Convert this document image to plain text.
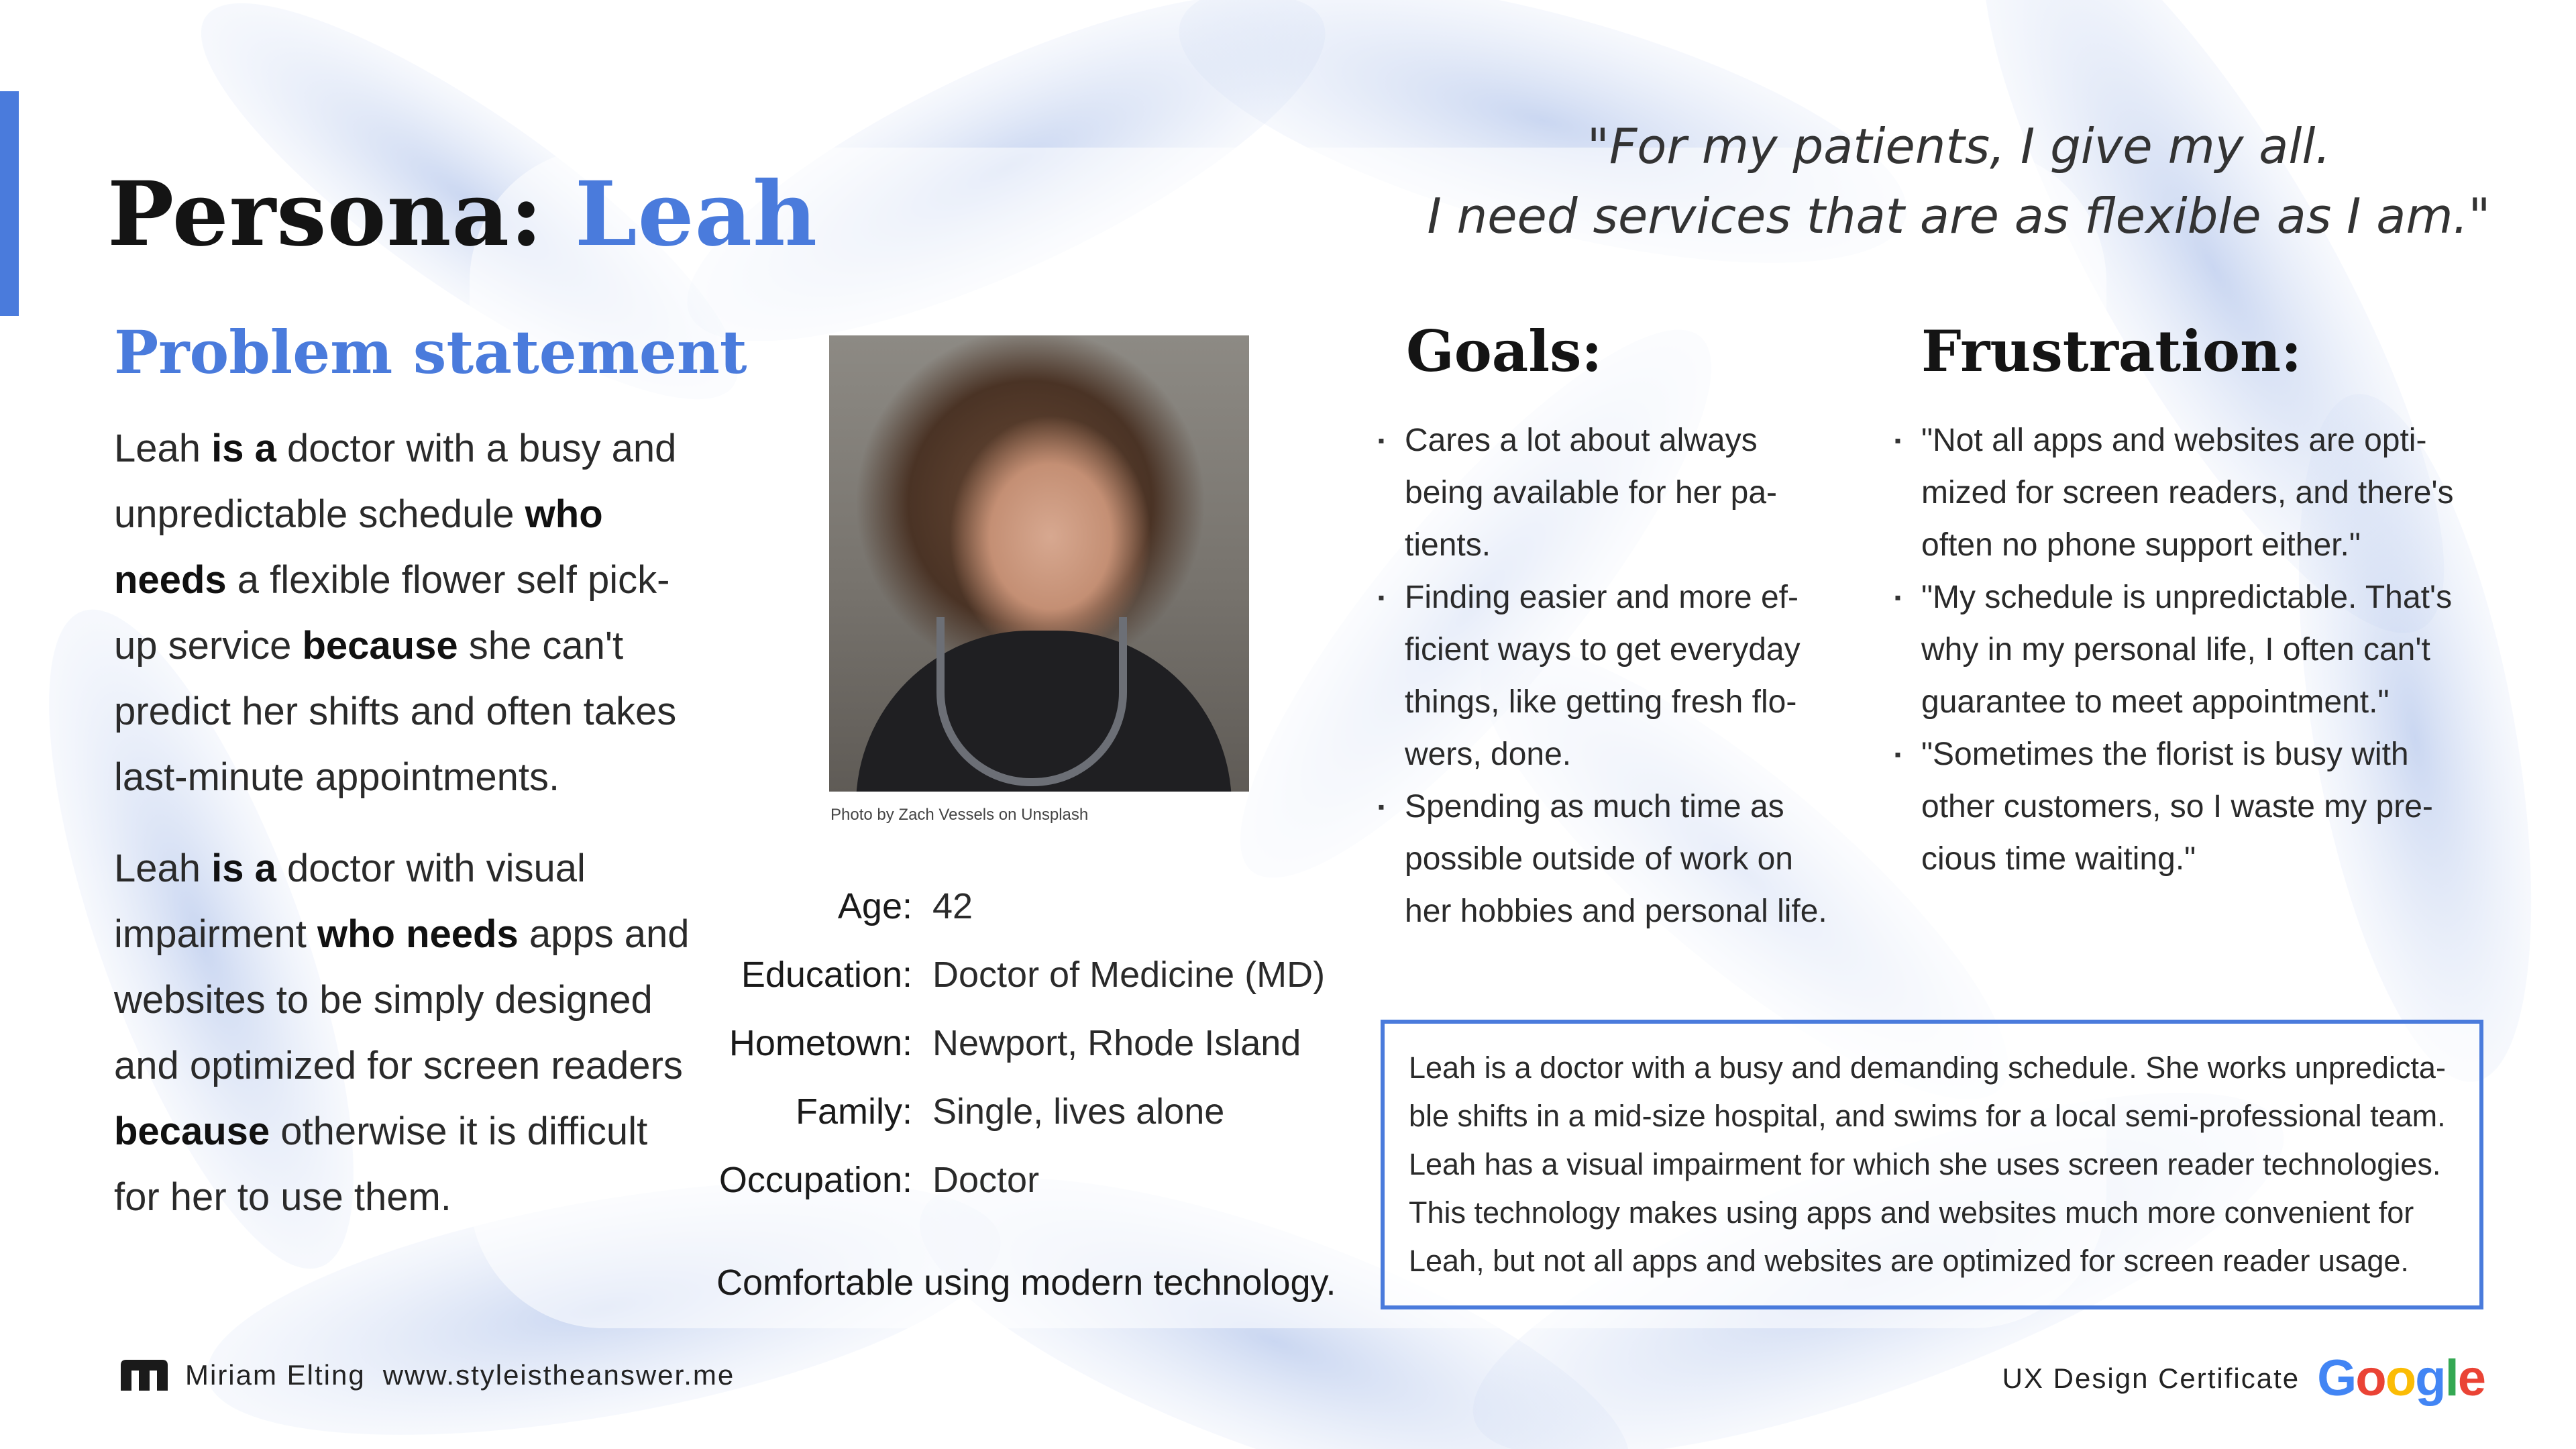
Persona: Leah
"For my patients, I give my all.
I need services that are as flexible as I am."
Problem statement

Leah is a doctor with a busy and unpredictable schedule who needs a flexible flower self pick-up service because she can't predict her shifts and often takes last-minute appointments.

Leah is a doctor with visual impairment who needs apps and websites to be simply designed and optimized for screen readers because otherwise it is difficult for her to use them.

Photo by Zach Vessels on Unsplash
Age: 42
Education: Doctor of Medicine (MD)
Hometown: Newport, Rhode Island
Family: Single, lives alone
Occupation: Doctor
Comfortable using modern technology.
Goals:
▪ Cares a lot about always being available for her pa-tients.
▪ Finding easier and more ef-ficient ways to get everyday things, like getting fresh flo-wers, done.
▪ Spending as much time as possible outside of work on her hobbies and personal life.
Frustration:
▪ "Not all apps and websites are opti-mized for screen readers, and there's often no phone support either."
▪ "My schedule is unpredictable. That's why in my personal life, I often can't guarantee to meet appointment."
▪ "Sometimes the florist is busy with other customers, so I waste my pre-cious time waiting."
Leah is a doctor with a busy and demanding schedule. She works unpredicta-ble shifts in a mid-size hospital, and swims for a local semi-professional team. Leah has a visual impairment for which she uses screen reader technologies. This technology makes using apps and websites much more convenient for Leah, but not all apps and websites are optimized for screen reader usage.
Miriam Elting www.styleistheanswer.me	UX Design Certificate Google
